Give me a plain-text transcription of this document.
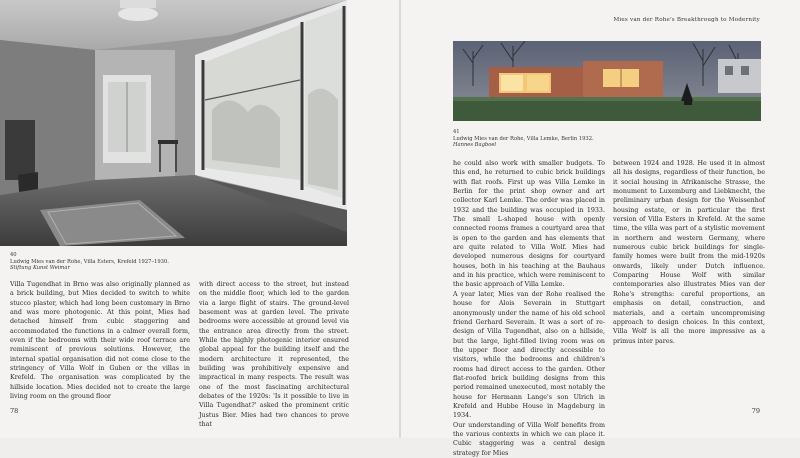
40
Ludwig Mies van der Rohe, Villa Esters, Krefeld 1927–1930.
Stiftung Kunst Weimar

Villa Tugendhat in Brno was also originally planned as a brick building, but Mies decided to switch to white stucco plaster, which had long been customary in Brno and was more photogenic. At this point, Mies had detached himself from cubic staggering and accommodated the functions in a calmer overall form, even if the bedrooms with their wide roof terrace are reminiscent of previous solutions. However, the internal spatial organisation did not come close to the stringency of Villa Wolf in Guben or the villas in Krefeld. The organisation was complicated by the hillside location. Mies decided not to create the large living room on the ground floor

with direct access to the street, but instead on the middle floor, which led to the garden via a large flight of stairs. The ground-level basement was at garden level. The private bedrooms were accessible at ground level via the entrance area directly from the street. While the highly photogenic interior ensured global appeal for the building itself and the modern architecture it represented, the building was prohibitively expensive and impractical in many respects. The result was one of the most fascinating architectural debates of the 1920s: 'Is it possible to live in Villa Tugendhat?' asked the prominent critic Justus Bier. Mies had two chances to prove that

78
Mies van der Rohe's Breakthrough to Modernity
41
Ludwig Mies van der Rohe, Villa Lemke, Berlin 1932.
Hannes Bagboel

he could also work with smaller budgets. To this end, he returned to cubic brick buildings with flat roofs. First up was Villa Lemke in Berlin for the print shop owner and art collector Karl Lemke. The order was placed in 1932 and the building was occupied in 1933. The small L-shaped house with openly connected rooms frames a courtyard area that is open to the garden and has elements that are quite related to Villa Wolf. Mies had developed numerous designs for courtyard houses, both in his teaching at the Bauhaus and in his practice, which were reminiscent to the basic approach of Villa Lemke.

A year later, Mies van der Rohe realised the house for Alois Severain in Stuttgart anonymously under the name of his old school friend Gerhard Severain. It was a sort of re-design of Villa Tugendhat, also on a hillside, but the large, light-filled living room was on the upper floor and directly accessible to visitors, while the bedrooms and children's rooms had direct access to the garden. Other flat-roofed brick building designs from this period remained unexecuted, most notably the house for Hermann Lange's son Ulrich in Krefeld and Hubbe House in Magdeburg in 1934.

Our understanding of Villa Wolf benefits from the various contexts in which we can place it. Cubic staggering was a central design strategy for Mies

between 1924 and 1928. He used it in almost all his designs, regardless of their function, be it social housing in Afrikanische Strasse, the monument to Luxemburg and Liebknecht, the preliminary urban design for the Weissenhof housing estate, or in particular the first version of Villa Esters in Krefeld. At the same time, the villa was part of a stylistic movement in northern and western Germany, where numerous cubic brick buildings for single-family homes were built from the mid-1920s onwards, likely under Dutch influence. Comparing House Wolf with similar contemporaries also illustrates Mies van der Rohe's strengths: careful proportions, an emphasis on detail, construction, and materials, and a certain uncompromising approach to design choices. In this context, Villa Wolf is all the more impressive as a primus inter pares.

79
